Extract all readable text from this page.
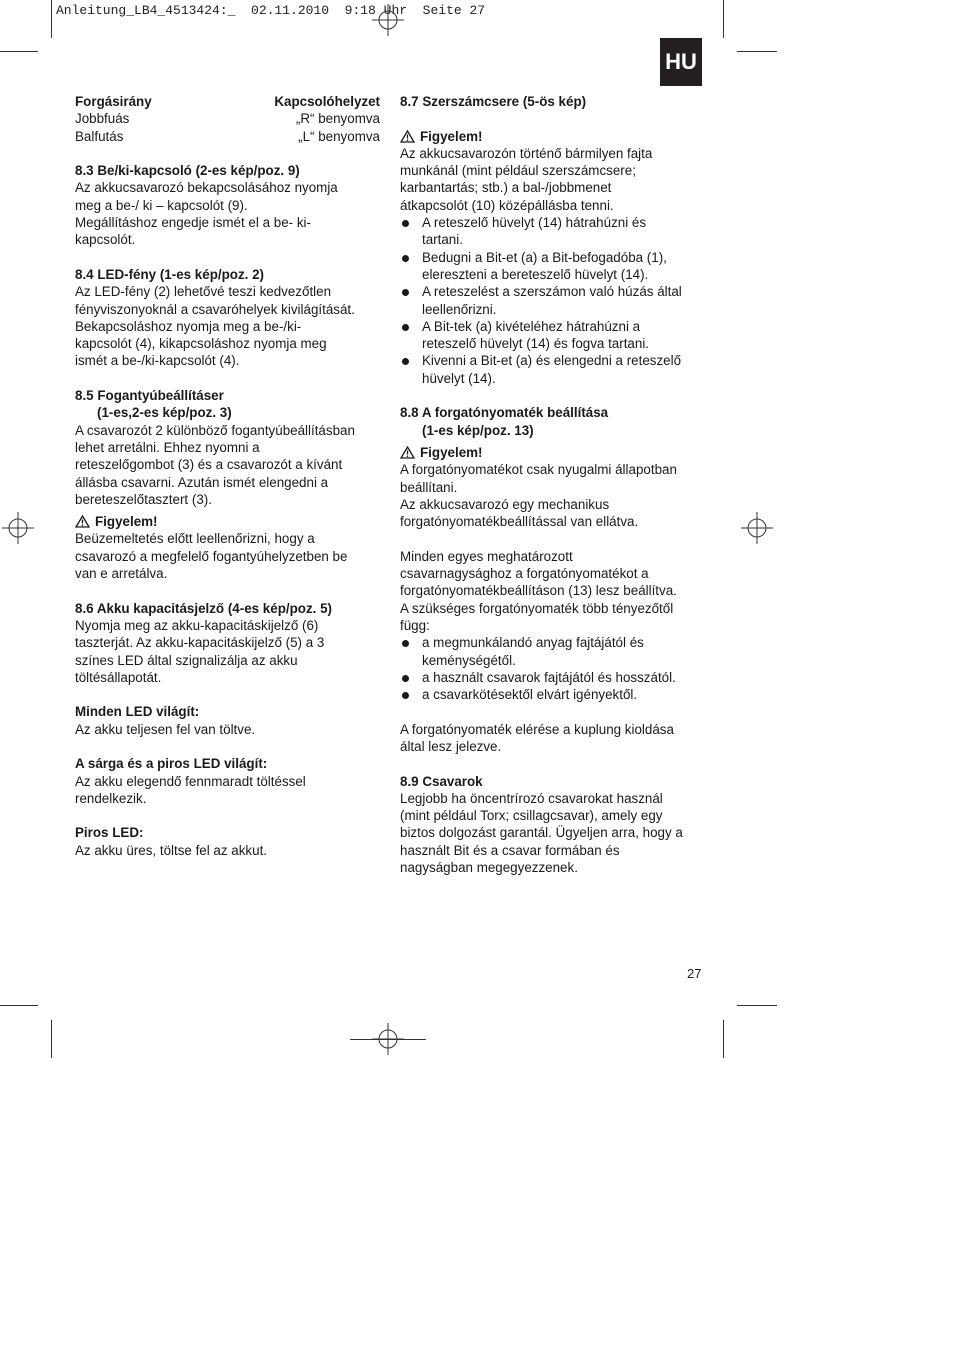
Anleitung_LB4_4513424:_  02.11.2010  9:18 Uhr  Seite 27
HU
Forgásirány	Kapcsolóhelyzet
Jobbfuás	„R“ benyomva
Balfutás	„L“ benyomva

8.3 Be/ki-kapcsoló (2-es kép/poz. 9)

Az akkucsavarozó bekapcsolásához nyomja

meg a be-/ ki – kapcsolót (9).

Megállításhoz engedje ismét el a be- ki-

kapcsolót.

8.4 LED-fény (1-es kép/poz. 2)

Az LED-fény (2) lehetővé teszi kedvezőtlen

fényviszonyoknál a csavaróhelyek kivilágítását.

Bekapcsoláshoz nyomja meg a be-/ki-

kapcsolót (4), kikapcsoláshoz nyomja meg

ismét a be-/ki-kapcsolót (4).

8.5 Fogantyúbeállításer

(1-es,2-es kép/poz. 3)

A csavarozót 2 különböző fogantyúbeállításban

lehet arretálni. Ehhez nyomni a

reteszelőgombot (3) és a csavarozót a kívánt

állásba csavarni. Azután ismét elengedni a

bereteszelőtasztert (3).

Figyelem!

Beüzemeltetés előtt leellenőrizni, hogy a

csavarozó a megfelelő fogantyúhelyzetben be

van e arretálva.

8.6 Akku kapacitásjelző (4-es kép/poz. 5)

Nyomja meg az akku-kapacitáskijelző (6)

taszterját. Az akku-kapacitáskijelző (5) a 3

színes LED által szignalizálja az akku

töltésállapotát.

Minden LED világít:

Az akku teljesen fel van töltve.

A sárga és a piros LED világít:

Az akku elegendő fennmaradt töltéssel

rendelkezik.

Piros LED:

Az akku üres, töltse fel az akkut.

8.7 Szerszámcsere (5-ös kép)

Figyelem!

Az akkucsavarozón történő bármilyen fajta

munkánál (mint például szerszámcsere;

karbantartás; stb.) a bal-/jobbmenet

átkapcsolót (10) középállásba tenni.

A reteszelő hüvelyt (14) hátrahúzni és
tartani.
Bedugni a Bit-et (a) a Bit-befogadóba (1),
elereszteni a bereteszelő hüvelyt (14).
A reteszelést a szerszámon való húzás által
leellenőrizni.
A Bit-tek (a) kivételéhez hátrahúzni a
reteszelő hüvelyt (14) és fogva tartani.
Kivenni a Bit-et (a) és elengedni a reteszelő
hüvelyt (14).

8.8 A forgatónyomaték beállítása

(1-es kép/poz. 13)

Figyelem!

A forgatónyomatékot csak nyugalmi állapotban

beállítani.

Az akkucsavarozó egy mechanikus

forgatónyomatékbeállítással van ellátva.

Minden egyes meghatározott

csavarnagysághoz a forgatónyomatékot a

forgatónyomatékbeállításon (13) lesz beállítva.

A szükséges forgatónyomaték több tényezőtől

függ:

a megmunkálandó anyag fajtájától és
keménységétől.
a használt csavarok fajtájától és hosszától.
a csavarkötésektől elvárt igényektől.

A forgatónyomaték elérése a kuplung kioldása

által lesz jelezve.

8.9 Csavarok

Legjobb ha öncentrírozó csavarokat használ

(mint például Torx; csillagcsavar), amely egy

biztos dolgozást garantál. Ügyeljen arra, hogy a

használt Bit és a csavar formában és

nagyságban megegyezzenek.

27
